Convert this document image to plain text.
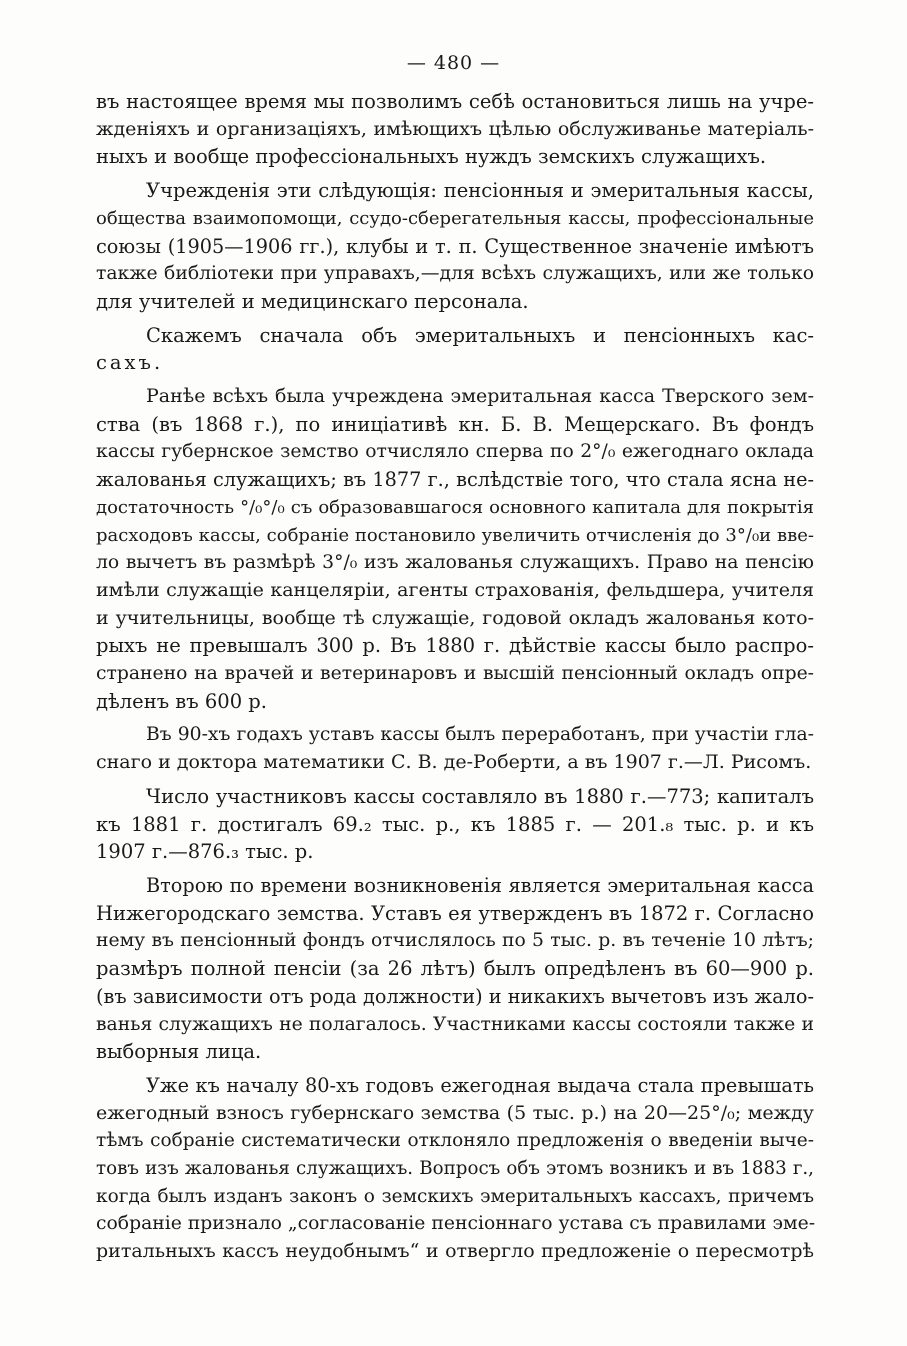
— 480 —

въ настоящее время мы позволимъ себѣ остановиться лишь на учре-
жденіяхъ и организаціяхъ, имѣющихъ цѣлью обслуживанье матеріаль-
ныхъ и вообще профессіональныхъ нуждъ земскихъ служащихъ.

Учрежденія эти слѣдующія: пенсіонныя и эмеритальныя кассы,
общества взаимопомощи, ссудо-сберегательныя кассы, профессіональные
союзы (1905—1906 гг.), клубы и т. п. Существенное значеніе имѣютъ
также библіотеки при управахъ,—для всѣхъ служащихъ, или же только
для учителей и медицинскаго персонала.

Скажемъ сначала объ эмеритальныхъ и пенсіонныхъ кас-
сахъ.

Ранѣе всѣхъ была учреждена эмеритальная касса Тверского зем-
ства (въ 1868 г.), по иниціативѣ кн. Б. В. Мещерскаго. Въ фондъ
кассы губернское земство отчисляло сперва по 2°/₀ ежегоднаго оклада
жалованья служащихъ; въ 1877 г., вслѣдствіе того, что стала ясна не-
достаточность °/₀°/₀ съ образовавшагося основного капитала для покрытія
расходовъ кассы, собраніе постановило увеличить отчисленія до 3°/₀и вве-
ло вычетъ въ размѣрѣ 3°/₀ изъ жалованья служащихъ. Право на пенсію
имѣли служащіе канцеляріи, агенты страхованія, фельдшера, учителя
и учительницы, вообще тѣ служащіе, годовой окладъ жалованья кото-
рыхъ не превышалъ 300 р. Въ 1880 г. дѣйствіе кассы было распро-
странено на врачей и ветеринаровъ и высшій пенсіонный окладъ опре-
дѣленъ въ 600 р.

Въ 90-хъ годахъ уставъ кассы былъ переработанъ, при участіи гла-
снаго и доктора математики С. В. де-Роберти, а въ 1907 г.—Л. Рисомъ.

Число участниковъ кассы составляло въ 1880 г.—773; капиталъ
къ 1881 г. достигалъ 69.₂ тыс. р., къ 1885 г. — 201.₈ тыс. р. и къ
1907 г.—876.₃ тыс. р.

Второю по времени возникновенія является эмеритальная касса
Нижегородскаго земства. Уставъ ея утвержденъ въ 1872 г. Согласно
нему въ пенсіонный фондъ отчислялось по 5 тыс. р. въ теченіе 10 лѣтъ;
размѣръ полной пенсіи (за 26 лѣтъ) былъ опредѣленъ въ 60—900 р.
(въ зависимости отъ рода должности) и никакихъ вычетовъ изъ жало-
ванья служащихъ не полагалось. Участниками кассы состояли также и
выборныя лица.

Уже къ началу 80-хъ годовъ ежегодная выдача стала превышать
ежегодный взносъ губернскаго земства (5 тыс. р.) на 20—25°/₀; между
тѣмъ собраніе систематически отклоняло предложенія о введеніи выче-
товъ изъ жалованья служащихъ. Вопросъ объ этомъ возникъ и въ 1883 г.,
когда былъ изданъ законъ о земскихъ эмеритальныхъ кассахъ, причемъ
собраніе признало „согласованіе пенсіоннаго устава съ правилами эме-
ритальныхъ кассъ неудобнымъ“ и отвергло предложеніе о пересмотрѣ
